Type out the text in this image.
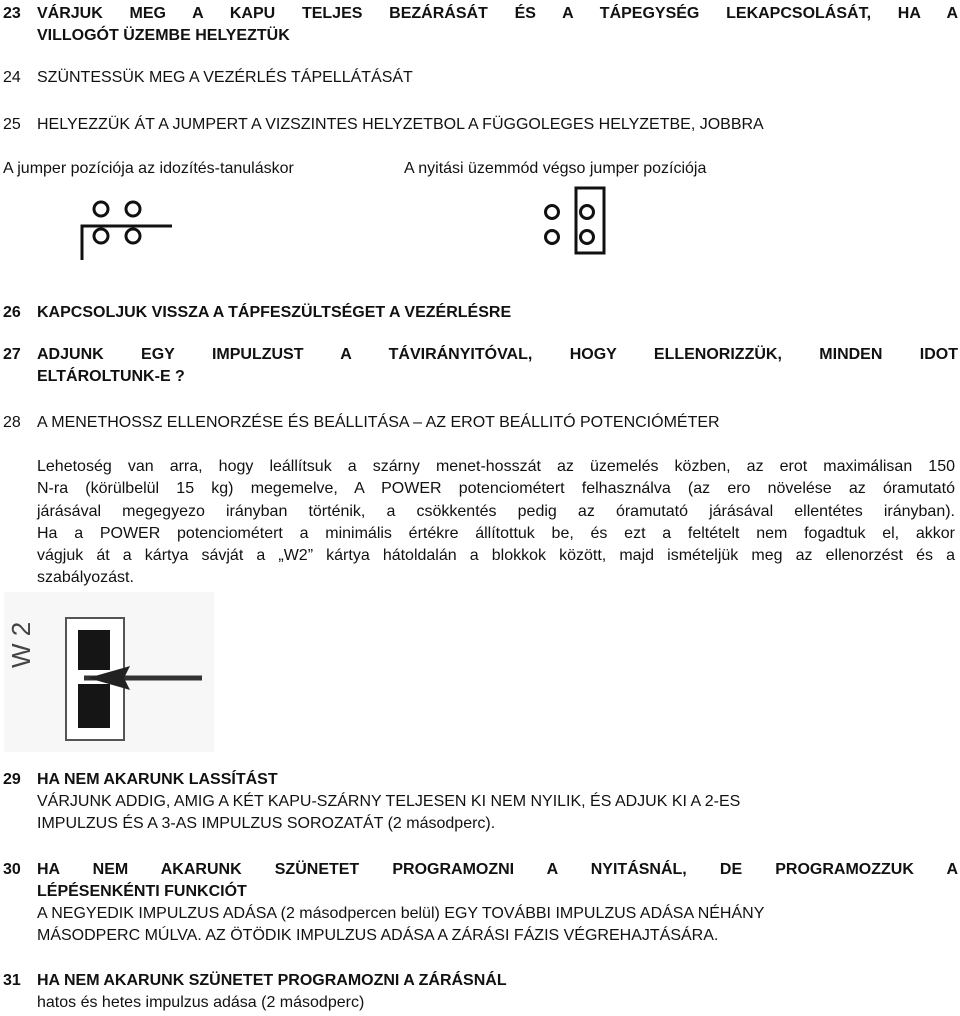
23	VÁRJUK MEG A KAPU TELJES BEZÁRÁSÁT ÉS A TÁPEGYSÉG LEKAPCSOLÁSÁT, HA A
VILLOGÓT ÜZEMBE HELYEZTÜK
24	SZÜNTESSÜK MEG A VEZÉRLÉS TÁPELLÁTÁSÁT
25	HELYEZZÜK ÁT A JUMPERT A VIZSZINTES HELYZETBOL A FÜGGOLEGES HELYZETBE, JOBBRA
A jumper pozíciója az idozítés-tanuláskor	A nyitási üzemmód végso jumper pozíciója
26	KAPCSOLJUK VISSZA A TÁPFESZÜLTSÉGET A VEZÉRLÉSRE
27	ADJUNK EGY IMPULZUST A TÁVIRÁNYITÓVAL, HOGY ELLENORIZZÜK, MINDEN IDOT
ELTÁROLTUNK-E ?
28	A MENETHOSSZ ELLENORZÉSE ÉS BEÁLLITÁSA – AZ EROT BEÁLLITÓ POTENCIÓMÉTER
Lehetoség van arra, hogy leállítsuk a szárny menet-hosszát az üzemelés közben, az erot maximálisan 150
N-ra (körülbelül 15 kg) megemelve, A POWER potenciométert felhasználva (az ero növelése az óramutató
járásával megegyezo irányban történik, a csökkentés pedig az óramutató járásával ellentétes irányban).
Ha a POWER potenciométert a minimális értékre állítottuk be, és ezt a feltételt nem fogadtuk el, akkor
vágjuk át a kártya sávját a „W2” kártya hátoldalán a blokkok között, majd ismételjük meg az ellenorzést és a
szabályozást.
W 2
29	HA NEM AKARUNK LASSÍTÁST
VÁRJUNK ADDIG, AMIG A KÉT KAPU-SZÁRNY TELJESEN KI NEM NYILIK, ÉS ADJUK KI A 2-ES
IMPULZUS ÉS A 3-AS IMPULZUS SOROZATÁT (2 másodperc).
30	HA NEM AKARUNK SZÜNETET PROGRAMOZNI A NYITÁSNÁL, DE PROGRAMOZZUK A
LÉPÉSENKÉNTI FUNKCIÓT
A NEGYEDIK IMPULZUS ADÁSA (2 másodpercen belül) EGY TOVÁBBI IMPULZUS ADÁSA NÉHÁNY
MÁSODPERC MÚLVA. AZ ÖTÖDIK IMPULZUS ADÁSA A ZÁRÁSI FÁZIS VÉGREHAJTÁSÁRA.
31	HA NEM AKARUNK SZÜNETET PROGRAMOZNI A ZÁRÁSNÁL
hatos és hetes impulzus adása (2 másodperc)
